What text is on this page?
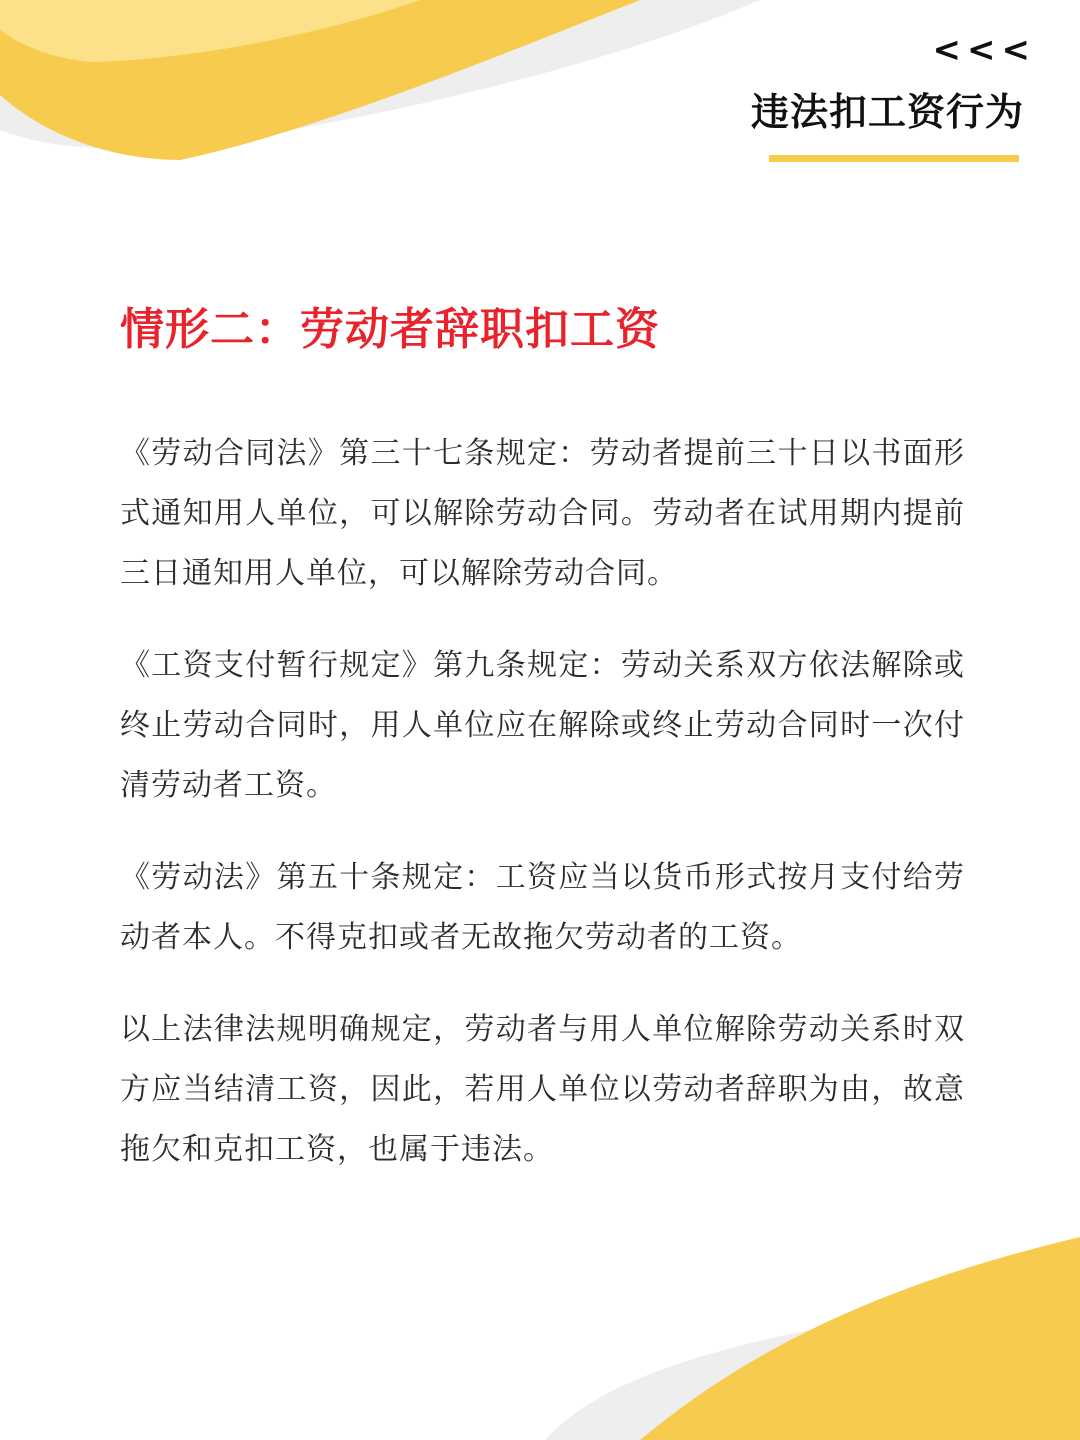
<<<
违法扣工资行为
情形二：劳动者辞职扣工资

《劳动合同法》第三十七条规定：劳动者提前三十日以书面形式通知用人单位，可以解除劳动合同。劳动者在试用期内提前三日通知用人单位，可以解除劳动合同。

《工资支付暂行规定》第九条规定：劳动关系双方依法解除或终止劳动合同时，用人单位应在解除或终止劳动合同时一次付清劳动者工资。

《劳动法》第五十条规定：工资应当以货币形式按月支付给劳动者本人。不得克扣或者无故拖欠劳动者的工资。

以上法律法规明确规定，劳动者与用人单位解除劳动关系时双方应当结清工资，因此，若用人单位以劳动者辞职为由，故意拖欠和克扣工资，也属于违法。
